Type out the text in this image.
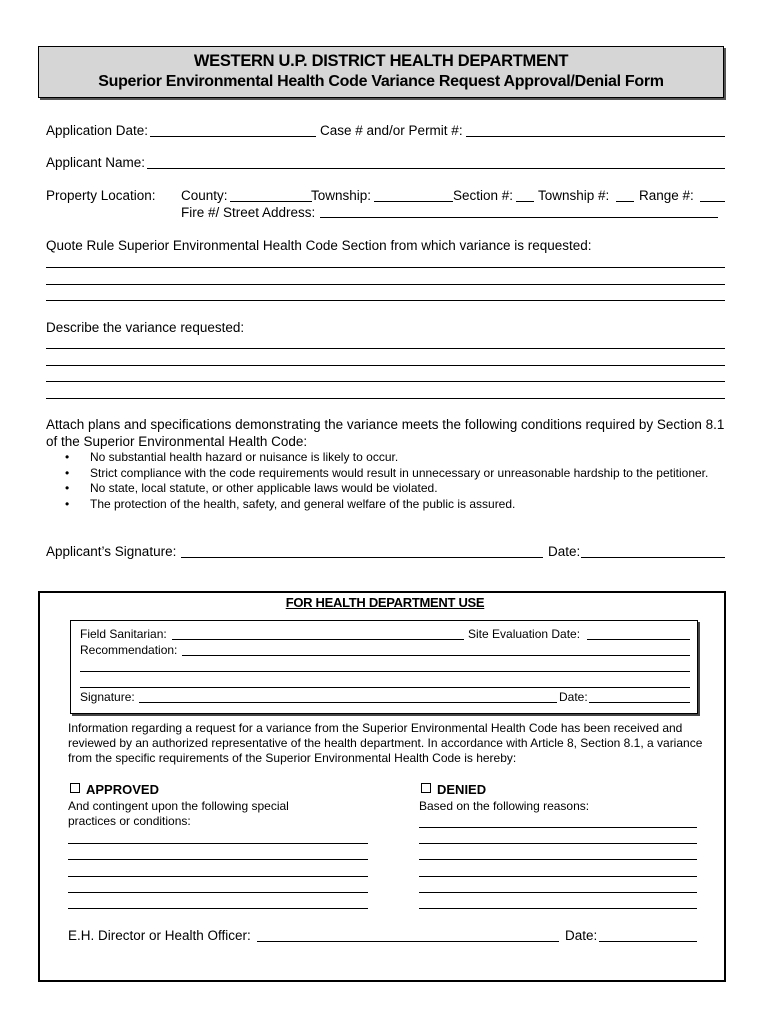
WESTERN U.P. DISTRICT HEALTH DEPARTMENT
Superior Environmental Health Code Variance Request Approval/Denial Form
Application Date:	Case # and/or Permit #:
Applicant Name:
Property Location: County:	Township:	Section #: Township #: Range #:
Fire #/ Street Address:
Quote Rule Superior Environmental Health Code Section from which variance is requested:
Describe the variance requested:
Attach plans and specifications demonstrating the variance meets the following conditions required by Section 8.1 of the Superior Environmental Health Code:
• No substantial health hazard or nuisance is likely to occur.
• Strict compliance with the code requirements would result in unnecessary or unreasonable hardship to the petitioner.
• No state, local statute, or other applicable laws would be violated.
• The protection of the health, safety, and general welfare of the public is assured.
Applicant’s Signature:	Date:
FOR HEALTH DEPARTMENT USE
Field Sanitarian:	Site Evaluation Date:
Recommendation:
Signature:	Date:
Information regarding a request for a variance from the Superior Environmental Health Code has been received and reviewed by an authorized representative of the health department. In accordance with Article 8, Section 8.1, a variance from the specific requirements of the Superior Environmental Health Code is hereby:
APPROVED
And contingent upon the following special practices or conditions:
DENIED
Based on the following reasons:
E.H. Director or Health Officer:	Date:
